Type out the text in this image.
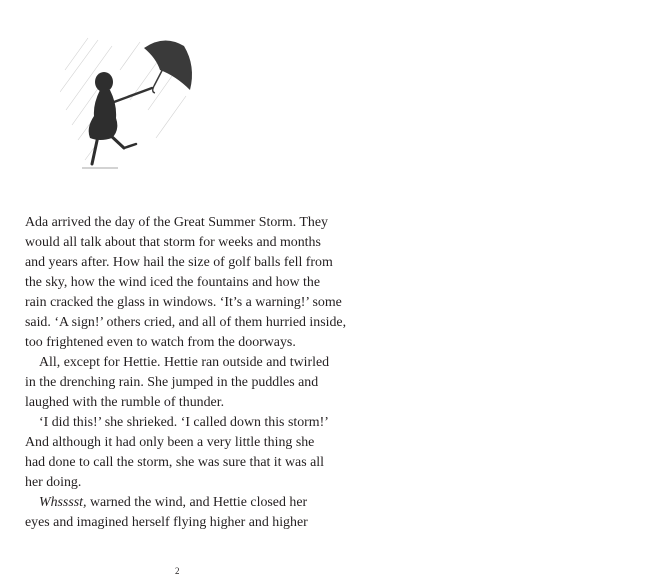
Ada arrived the day of the Great Summer Storm. They
would all talk about that storm for weeks and months
and years after. How hail the size of golf balls fell from
the sky, how the wind iced the fountains and how the
rain cracked the glass in windows. ‘It’s a warning!’ some
said. ‘A sign!’ others cried, and all of them hurried inside,
too frightened even to watch from the doorways.
All, except for Hettie. Hettie ran outside and twirled
in the drenching rain. She jumped in the puddles and
laughed with the rumble of thunder.
‘I did this!’ she shrieked. ‘I called down this storm!’
And although it had only been a very little thing she
had done to call the storm, she was sure that it was all
her doing.
Whsssst, warned the wind, and Hettie closed her
eyes and imagined herself flying higher and higher
2
